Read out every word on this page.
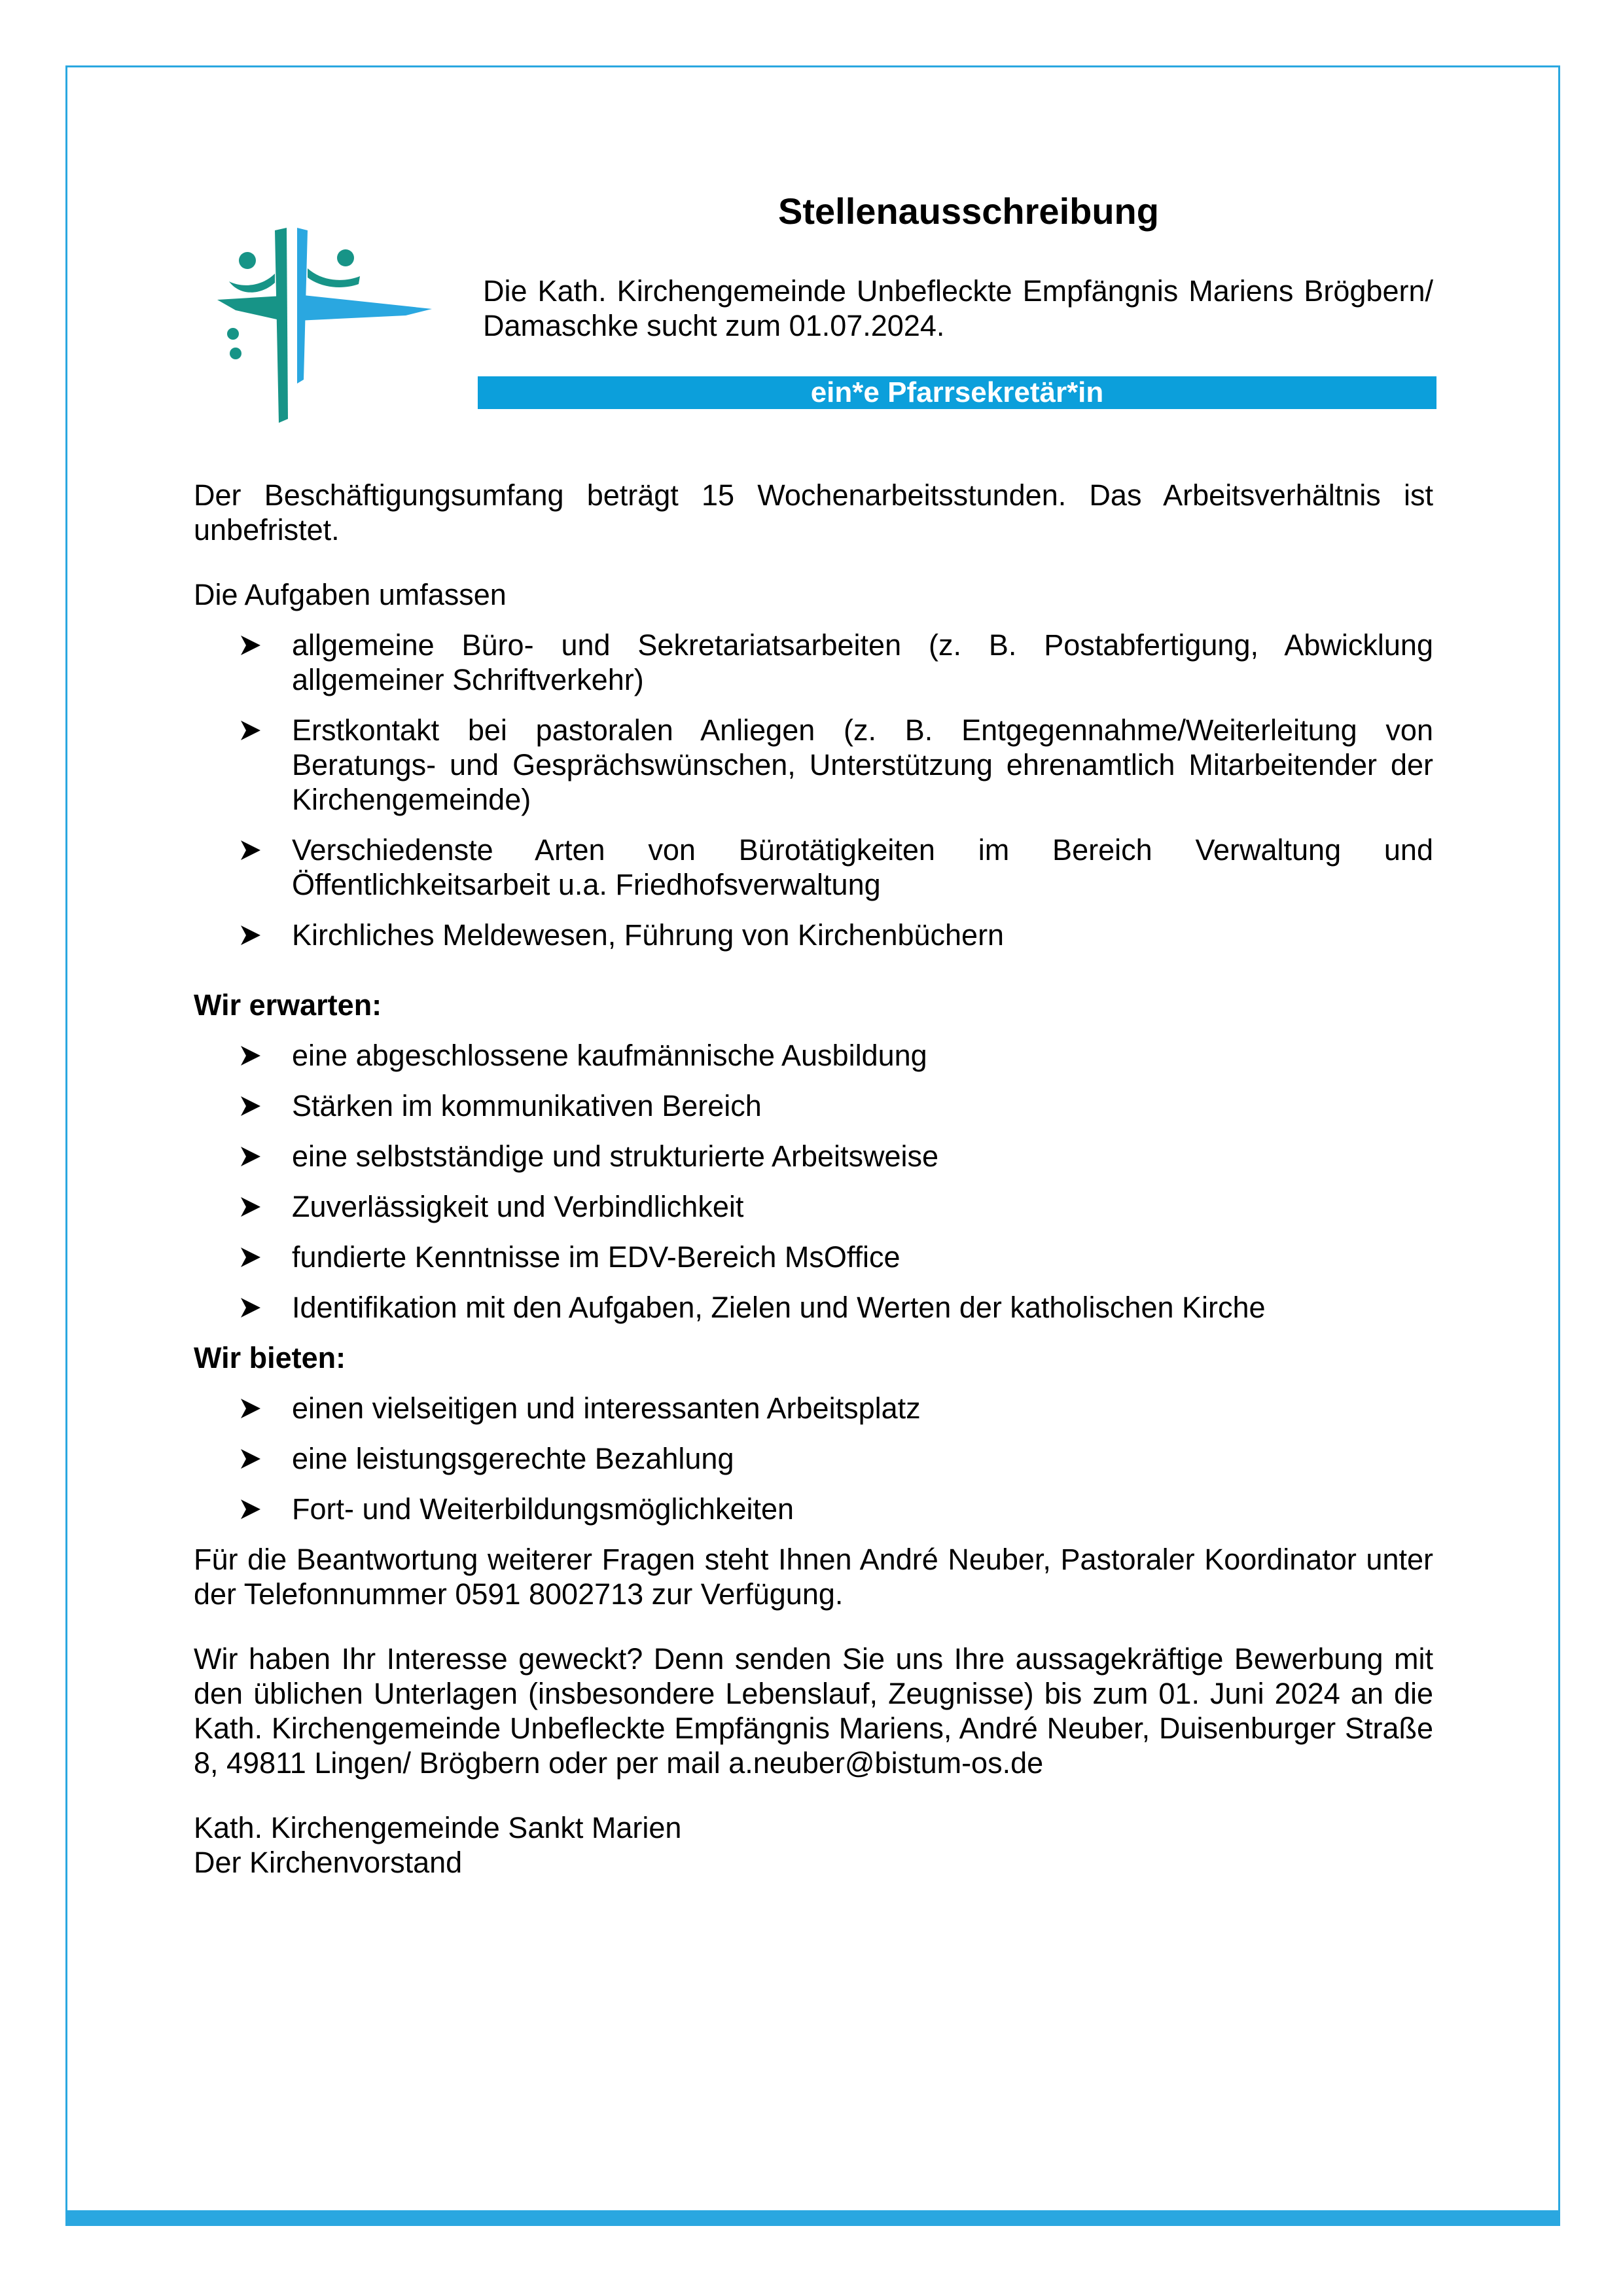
Stellenausschreibung
Die Kath. Kirchengemeinde Unbefleckte Empfängnis Mariens Brögbern/ Damaschke sucht zum 01.07.2024.
ein*e Pfarrsekretär*in

Der Beschäftigungsumfang beträgt 15 Wochenarbeitsstunden. Das Arbeitsverhältnis ist unbefristet.

Die Aufgaben umfassen

allgemeine Büro- und Sekretariatsarbeiten (z. B. Postabfertigung, Abwicklung allgemeiner Schriftverkehr)
Erstkontakt bei pastoralen Anliegen (z. B. Entgegennahme/Weiterleitung von Beratungs- und Gesprächswünschen, Unterstützung ehrenamtlich Mitarbeitender der Kirchengemeinde)
Verschiedenste Arten von Bürotätigkeiten im Bereich Verwaltung und Öffentlichkeitsarbeit u.a. Friedhofsverwaltung
Kirchliches Meldewesen, Führung von Kirchenbüchern

Wir erwarten:

eine abgeschlossene kaufmännische Ausbildung
Stärken im kommunikativen Bereich
eine selbstständige und strukturierte Arbeitsweise
Zuverlässigkeit und Verbindlichkeit
fundierte Kenntnisse im EDV-Bereich MsOffice
Identifikation mit den Aufgaben, Zielen und Werten der katholischen Kirche

Wir bieten:

einen vielseitigen und interessanten Arbeitsplatz
eine leistungsgerechte Bezahlung
Fort- und Weiterbildungsmöglichkeiten

Für die Beantwortung weiterer Fragen steht Ihnen André Neuber, Pastoraler Koordinator unter der Telefonnummer 0591 8002713 zur Verfügung.

Wir haben Ihr Interesse geweckt? Denn senden Sie uns Ihre aussagekräftige Bewerbung mit den üblichen Unterlagen (insbesondere Lebenslauf, Zeugnisse) bis zum 01. Juni 2024 an die Kath. Kirchengemeinde Unbefleckte Empfängnis Mariens, André Neuber, Duisenburger Straße 8, 49811 Lingen/ Brögbern oder per mail a.neuber@bistum-os.de

Kath. Kirchengemeinde Sankt Marien

Der Kirchenvorstand
